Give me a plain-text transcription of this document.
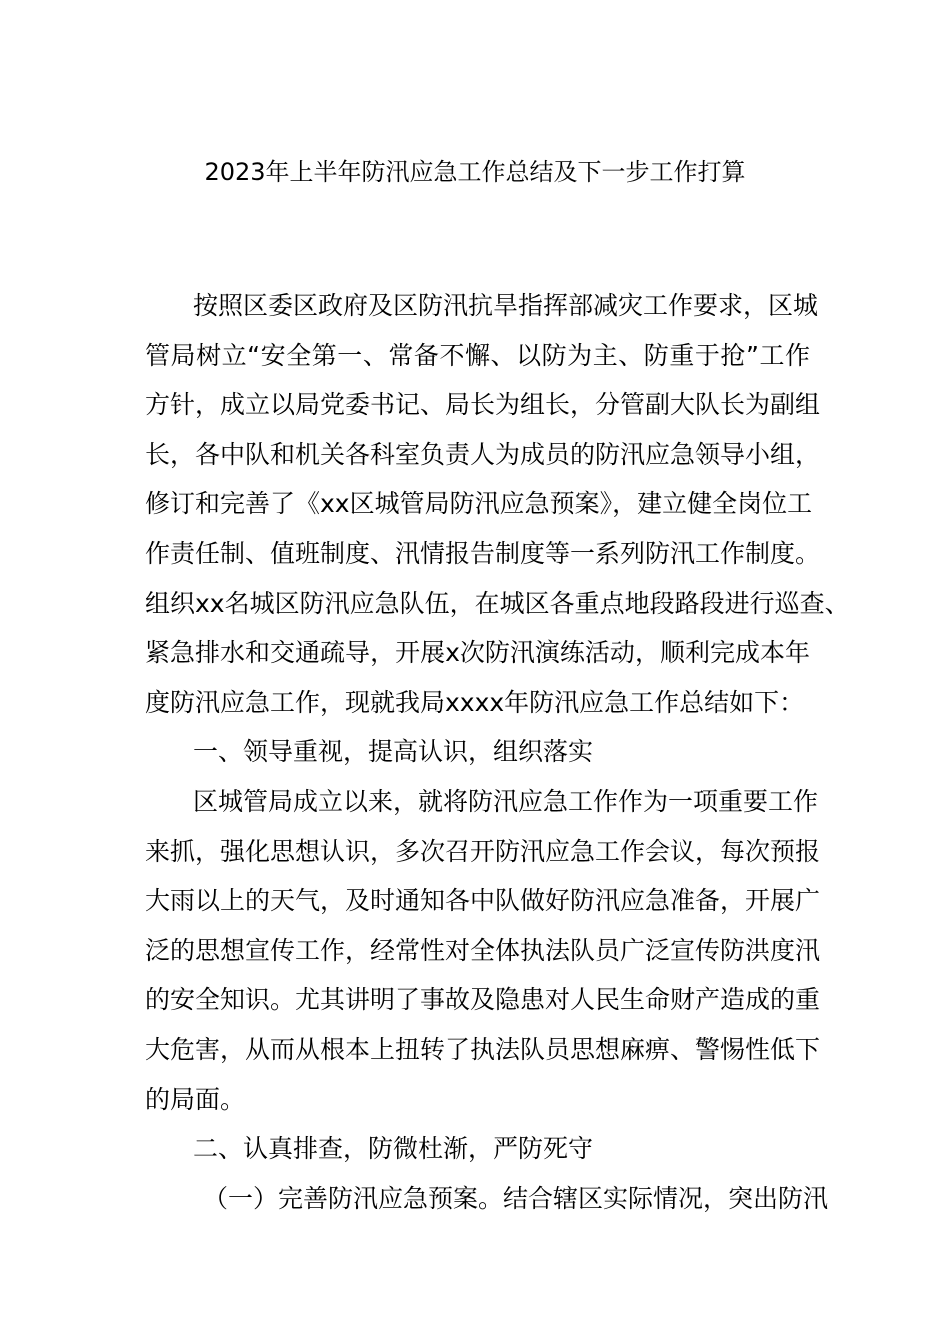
2023年上半年防汛应急工作总结及下一步工作打算
按照区委区政府及区防汛抗旱指挥部减灾工作要求，区城
管局树立“安全第一、常备不懈、以防为主、防重于抢”工作
方针，成立以局党委书记、局长为组长，分管副大队长为副组
长，各中队和机关各科室负责人为成员的防汛应急领导小组，
修订和完善了《xx区城管局防汛应急预案》，建立健全岗位工
作责任制、值班制度、汛情报告制度等一系列防汛工作制度。
组织xx名城区防汛应急队伍，在城区各重点地段路段进行巡查、
紧急排水和交通疏导，开展x次防汛演练活动，顺利完成本年
度防汛应急工作，现就我局xxxx年防汛应急工作总结如下：
一、领导重视，提高认识，组织落实
区城管局成立以来，就将防汛应急工作作为一项重要工作
来抓，强化思想认识，多次召开防汛应急工作会议，每次预报
大雨以上的天气，及时通知各中队做好防汛应急准备，开展广
泛的思想宣传工作，经常性对全体执法队员广泛宣传防洪度汛
的安全知识。尤其讲明了事故及隐患对人民生命财产造成的重
大危害，从而从根本上扭转了执法队员思想麻痹、警惕性低下
的局面。
二、认真排查，防微杜渐，严防死守
（一）完善防汛应急预案。结合辖区实际情况，突出防汛
